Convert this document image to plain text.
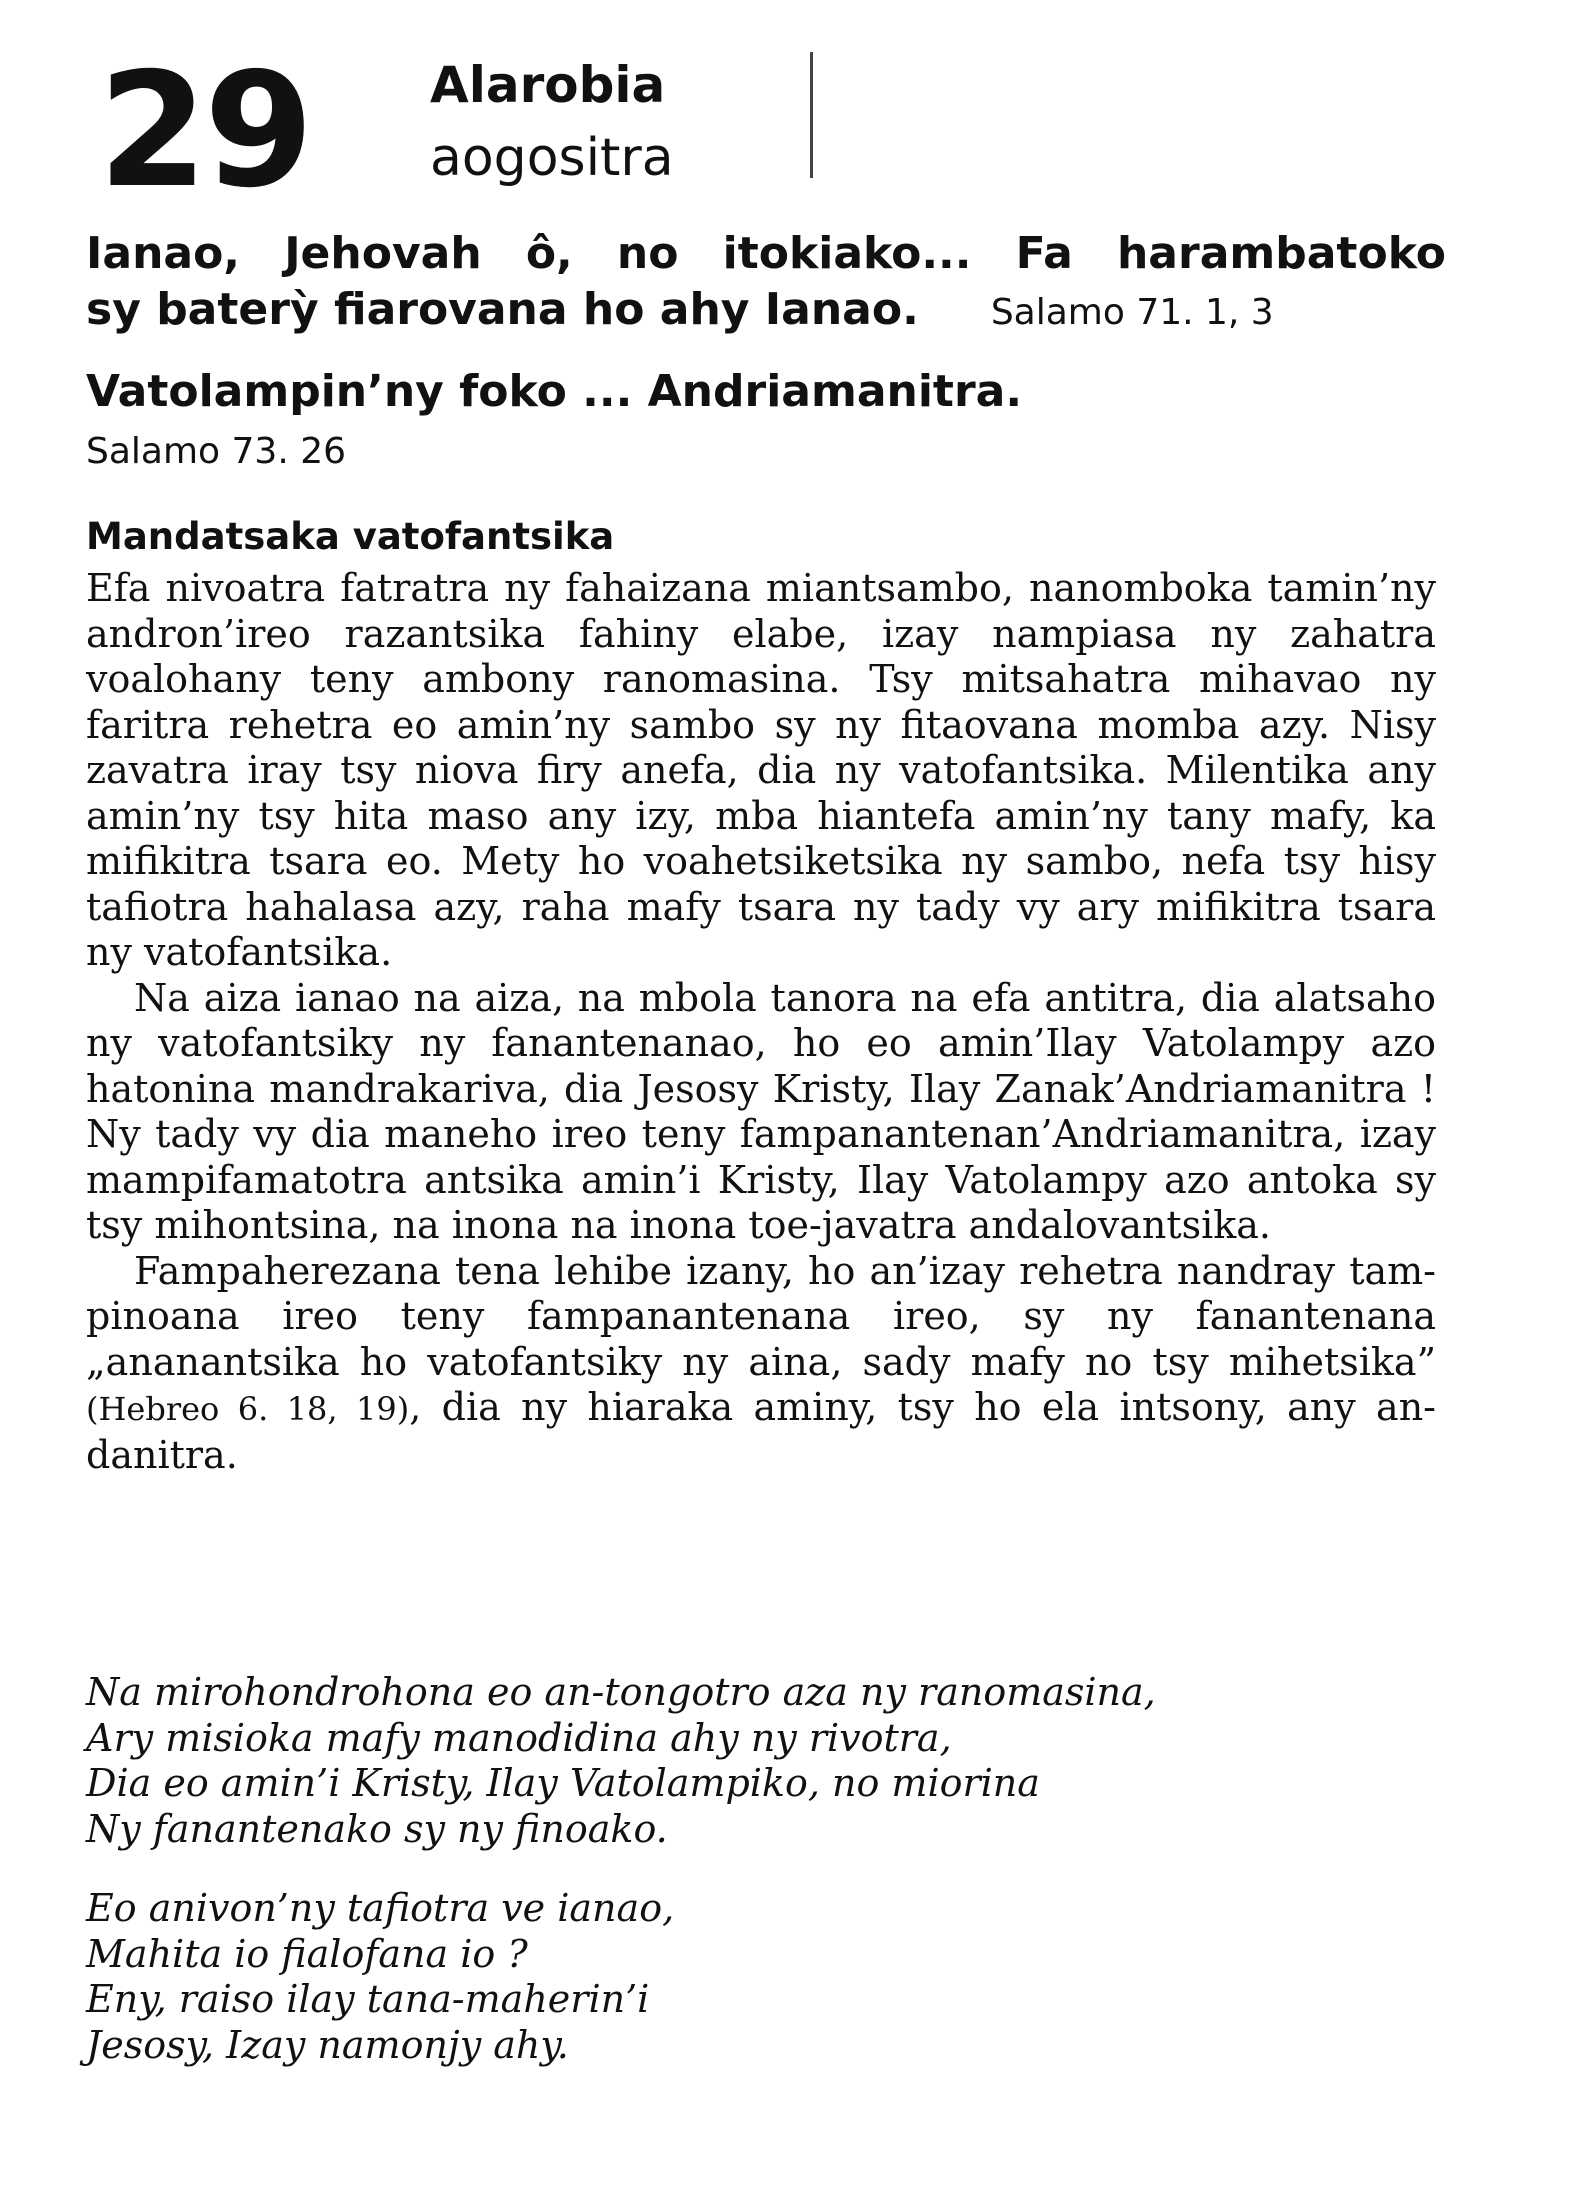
29 Alarobia
aogositra
Ianao, Jehovah ô, no itokiako... Fa harambatoko
sy baterỳ fiarovana ho ahy Ianao. Salamo 71. 1, 3
Vatolampin’ny foko ... Andriamanitra.
Salamo 73. 26
Mandatsaka vatofantsika

Efa nivoatra fatratra ny fahaizana miantsambo, nanomboka tamin’ny andron’ireo razantsika fahiny elabe, izay nampiasa ny zahatra voalohany teny ambony ranomasina. Tsy mitsahatra mihavao ny faritra rehetra eo amin’ny sambo sy ny fitaovana momba azy. Nisy zavatra iray tsy niova firy anefa, dia ny vatofantsika. Milentika any amin’ny tsy hita maso any izy, mba hiantefa amin’ny tany mafy, ka mifikitra tsara eo. Mety ho voahetsiketsika ny sambo, nefa tsy hisy tafiotra hahalasa azy, raha mafy tsara ny tady vy ary mifikitra tsara ny vatofantsika.

Na aiza ianao na aiza, na mbola tanora na efa antitra, dia alatsaho ny vatofantsiky ny fanantenanao, ho eo amin’Ilay Vatolampy azo hatonina mandrakariva, dia Jesosy Kristy, Ilay Zanak’Andriamanitra ! Ny tady vy dia maneho ireo teny fampanantenan’Andriamanitra, izay mampifamatotra antsika amin’i Kristy, Ilay Vatolampy azo antoka sy tsy mihontsina, na inona na inona toe-javatra andalovantsika.

Fampaherezana tena lehibe izany, ho an’izay rehetra nandray tam-pinoana ireo teny fampanantenana ireo, sy ny fanantenana „ananantsika ho vatofantsiky ny aina, sady mafy no tsy mihetsika” (Hebreo 6. 18, 19), dia ny hiaraka aminy, tsy ho ela intsony, any an-danitra.

Na mirohondrohona eo an-tongotro aza ny ranomasina,
Ary misioka mafy manodidina ahy ny rivotra,
Dia eo amin’i Kristy, Ilay Vatolampiko, no miorina
Ny fanantenako sy ny finoako.
Eo anivon’ny tafiotra ve ianao,
Mahita io fialofana io ?
Eny, raiso ilay tana-maherin’i
Jesosy, Izay namonjy ahy.
